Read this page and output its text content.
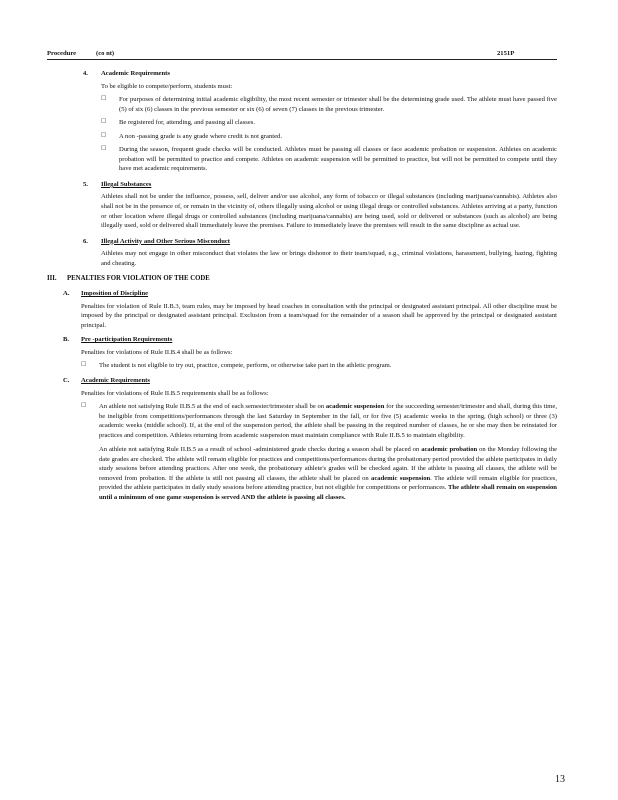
Procedure	(co nt)	2151P
4. Academic Requirements
To be eligible to compete/perform, students must:
□ For purposes of determining initial academic eligibility, the most recent semester or trimester shall be the determining grade used. The athlete must have passed five (5) of six (6) classes in the previous semester or six (6) of seven (7) classes in the previous trimester.
□ Be registered for, attending, and passing all classes.
□ A non -passing grade is any grade where credit is not granted.
□ During the season, frequent grade checks will be conducted. Athletes must be passing all classes or face academic probation or suspension. Athletes on academic probation will be permitted to practice and compete. Athletes on academic suspension will be permitted to practice, but will not be permitted to compete until they have met academic requirements.
5. Illegal Substances
Athletes shall not be under the influence, possess, sell, deliver and/or use alcohol, any form of tobacco or illegal substances (including marijuana/cannabis). Athletes also shall not be in the presence of, or remain in the vicinity of, others illegally using alcohol or using illegal drugs or controlled substances. Athletes arriving at a party, function or other location where illegal drugs or controlled substances (including marijuana/cannabis) are being used, sold or delivered or substances (such as alcohol) are being illegally used, sold or delivered shall immediately leave the premises. Failure to immediately leave the premises will result in the same discipline as actual use.
6. Illegal Activity and Other Serious Misconduct
Athletes may not engage in other misconduct that violates the law or brings dishonor to their team/squad, e.g., criminal violations, harassment, bullying, hazing, fighting and cheating.
III. PENALTIES FOR VIOLATION OF THE CODE
A. Imposition of Discipline
Penalties for violation of Rule II.B.3, team rules, may be imposed by head coaches in consultation with the principal or designated assistant principal. All other discipline must be imposed by the principal or designated assistant principal. Exclusion from a team/squad for the remainder of a season shall be approved by the principal or designated assistant principal.
B. Pre -participation Requirements
Penalties for violations of Rule II.B.4 shall be as follows:
□ The student is not eligible to try out, practice, compete, perform, or otherwise take part in the athletic program.
C. Academic Requirements
Penalties for violations of Rule II.B.5 requirements shall be as follows:
□ An athlete not satisfying Rule II.B.5 at the end of each semester/trimester shall be on academic suspension for the succeeding semester/trimester and shall, during this time, be ineligible from competitions/performances through the last Saturday in September in the fall, or for five (5) academic weeks in the spring, (high school) or three (3) academic weeks (middle school). If, at the end of the suspension period, the athlete shall be passing in the required number of classes, he or she may then be reinstated for practices and competition. Athletes returning from academic suspension must maintain compliance with Rule II.B.5 to maintain eligibility.
An athlete not satisfying Rule II.B.5 as a result of school -administered grade checks during a season shall be placed on academic probation on the Monday following the date grades are checked. The athlete will remain eligible for practices and competitions/performances during the probationary period provided the athlete participates in daily study sessions before attending practices. After one week, the probationary athlete's grades will be checked again. If the athlete is passing all classes, the athlete will be removed from probation. If the athlete is still not passing all classes, the athlete shall be placed on academic suspension. The athlete will remain eligible for practices, provided the athlete participates in daily study sessions before attending practice, but not eligible for competitions or performances. The athlete shall remain on suspension until a minimum of one game suspension is served AND the athlete is passing all classes.
13
